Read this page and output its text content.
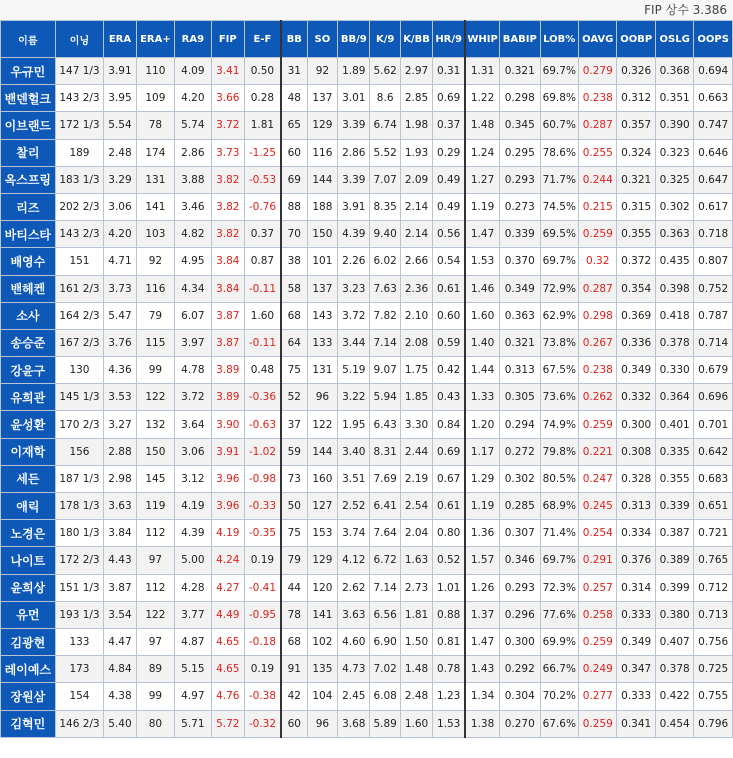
FIP 상수 3.386
이름	이닝	ERA	ERA+	RA9	FIP	E-F	BB	SO	BB/9	K/9	K/BB	HR/9	WHIP	BABIP	LOB%	OAVG	OOBP	OSLG	OOPS
우규민	147 1/3	3.91	110	4.09	3.41	0.50	31	92	1.89	5.62	2.97	0.31	1.31	0.321	69.7%	0.279	0.326	0.368	0.694
밴덴헐크	143 2/3	3.95	109	4.20	3.66	0.28	48	137	3.01	8.6	2.85	0.69	1.22	0.298	69.8%	0.238	0.312	0.351	0.663
이브랜드	172 1/3	5.54	78	5.74	3.72	1.81	65	129	3.39	6.74	1.98	0.37	1.48	0.345	60.7%	0.287	0.357	0.390	0.747
찰리	189	2.48	174	2.86	3.73	-1.25	60	116	2.86	5.52	1.93	0.29	1.24	0.295	78.6%	0.255	0.324	0.323	0.646
옥스프링	183 1/3	3.29	131	3.88	3.82	-0.53	69	144	3.39	7.07	2.09	0.49	1.27	0.293	71.7%	0.244	0.321	0.325	0.647
리즈	202 2/3	3.06	141	3.46	3.82	-0.76	88	188	3.91	8.35	2.14	0.49	1.19	0.273	74.5%	0.215	0.315	0.302	0.617
바티스타	143 2/3	4.20	103	4.82	3.82	0.37	70	150	4.39	9.40	2.14	0.56	1.47	0.339	69.5%	0.259	0.355	0.363	0.718
배영수	151	4.71	92	4.95	3.84	0.87	38	101	2.26	6.02	2.66	0.54	1.53	0.370	69.7%	0.32	0.372	0.435	0.807
밴헤켄	161 2/3	3.73	116	4.34	3.84	-0.11	58	137	3.23	7.63	2.36	0.61	1.46	0.349	72.9%	0.287	0.354	0.398	0.752
소사	164 2/3	5.47	79	6.07	3.87	1.60	68	143	3.72	7.82	2.10	0.60	1.60	0.363	62.9%	0.298	0.369	0.418	0.787
송승준	167 2/3	3.76	115	3.97	3.87	-0.11	64	133	3.44	7.14	2.08	0.59	1.40	0.321	73.8%	0.267	0.336	0.378	0.714
강윤구	130	4.36	99	4.78	3.89	0.48	75	131	5.19	9.07	1.75	0.42	1.44	0.313	67.5%	0.238	0.349	0.330	0.679
유희관	145 1/3	3.53	122	3.72	3.89	-0.36	52	96	3.22	5.94	1.85	0.43	1.33	0.305	73.6%	0.262	0.332	0.364	0.696
윤성환	170 2/3	3.27	132	3.64	3.90	-0.63	37	122	1.95	6.43	3.30	0.84	1.20	0.294	74.9%	0.259	0.300	0.401	0.701
이재학	156	2.88	150	3.06	3.91	-1.02	59	144	3.40	8.31	2.44	0.69	1.17	0.272	79.8%	0.221	0.308	0.335	0.642
세든	187 1/3	2.98	145	3.12	3.96	-0.98	73	160	3.51	7.69	2.19	0.67	1.29	0.302	80.5%	0.247	0.328	0.355	0.683
애릭	178 1/3	3.63	119	4.19	3.96	-0.33	50	127	2.52	6.41	2.54	0.61	1.19	0.285	68.9%	0.245	0.313	0.339	0.651
노경은	180 1/3	3.84	112	4.39	4.19	-0.35	75	153	3.74	7.64	2.04	0.80	1.36	0.307	71.4%	0.254	0.334	0.387	0.721
나이트	172 2/3	4.43	97	5.00	4.24	0.19	79	129	4.12	6.72	1.63	0.52	1.57	0.346	69.7%	0.291	0.376	0.389	0.765
윤희상	151 1/3	3.87	112	4.28	4.27	-0.41	44	120	2.62	7.14	2.73	1.01	1.26	0.293	72.3%	0.257	0.314	0.399	0.712
유먼	193 1/3	3.54	122	3.77	4.49	-0.95	78	141	3.63	6.56	1.81	0.88	1.37	0.296	77.6%	0.258	0.333	0.380	0.713
김광현	133	4.47	97	4.87	4.65	-0.18	68	102	4.60	6.90	1.50	0.81	1.47	0.300	69.9%	0.259	0.349	0.407	0.756
레이예스	173	4.84	89	5.15	4.65	0.19	91	135	4.73	7.02	1.48	0.78	1.43	0.292	66.7%	0.249	0.347	0.378	0.725
장원삼	154	4.38	99	4.97	4.76	-0.38	42	104	2.45	6.08	2.48	1.23	1.34	0.304	70.2%	0.277	0.333	0.422	0.755
김혁민	146 2/3	5.40	80	5.71	5.72	-0.32	60	96	3.68	5.89	1.60	1.53	1.38	0.270	67.6%	0.259	0.341	0.454	0.796
